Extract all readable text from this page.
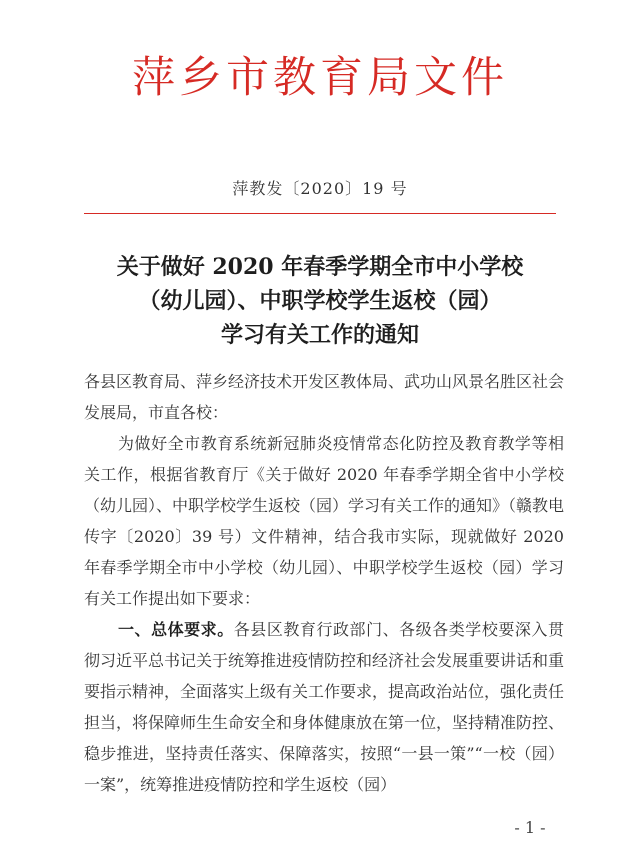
萍乡市教育局文件
萍教发〔2020〕19 号
关于做好 2020 年春季学期全市中小学校
（幼儿园）、中职学校学生返校（园）
学习有关工作的通知

各县区教育局、萍乡经济技术开发区教体局、武功山风景名胜区社会发展局，市直各校：

为做好全市教育系统新冠肺炎疫情常态化防控及教育教学等相关工作，根据省教育厅《关于做好 2020 年春季学期全省中小学校（幼儿园）、中职学校学生返校（园）学习有关工作的通知》（赣教电传字〔2020〕39 号）文件精神，结合我市实际，现就做好 2020 年春季学期全市中小学校（幼儿园）、中职学校学生返校（园）学习有关工作提出如下要求：

一、总体要求。各县区教育行政部门、各级各类学校要深入贯彻习近平总书记关于统筹推进疫情防控和经济社会发展重要讲话和重要指示精神，全面落实上级有关工作要求，提高政治站位，强化责任担当，将保障师生生命安全和身体健康放在第一位，坚持精准防控、稳步推进，坚持责任落实、保障落实，按照“一县一策”“一校（园）一案”，统筹推进疫情防控和学生返校（园）

- 1 -
